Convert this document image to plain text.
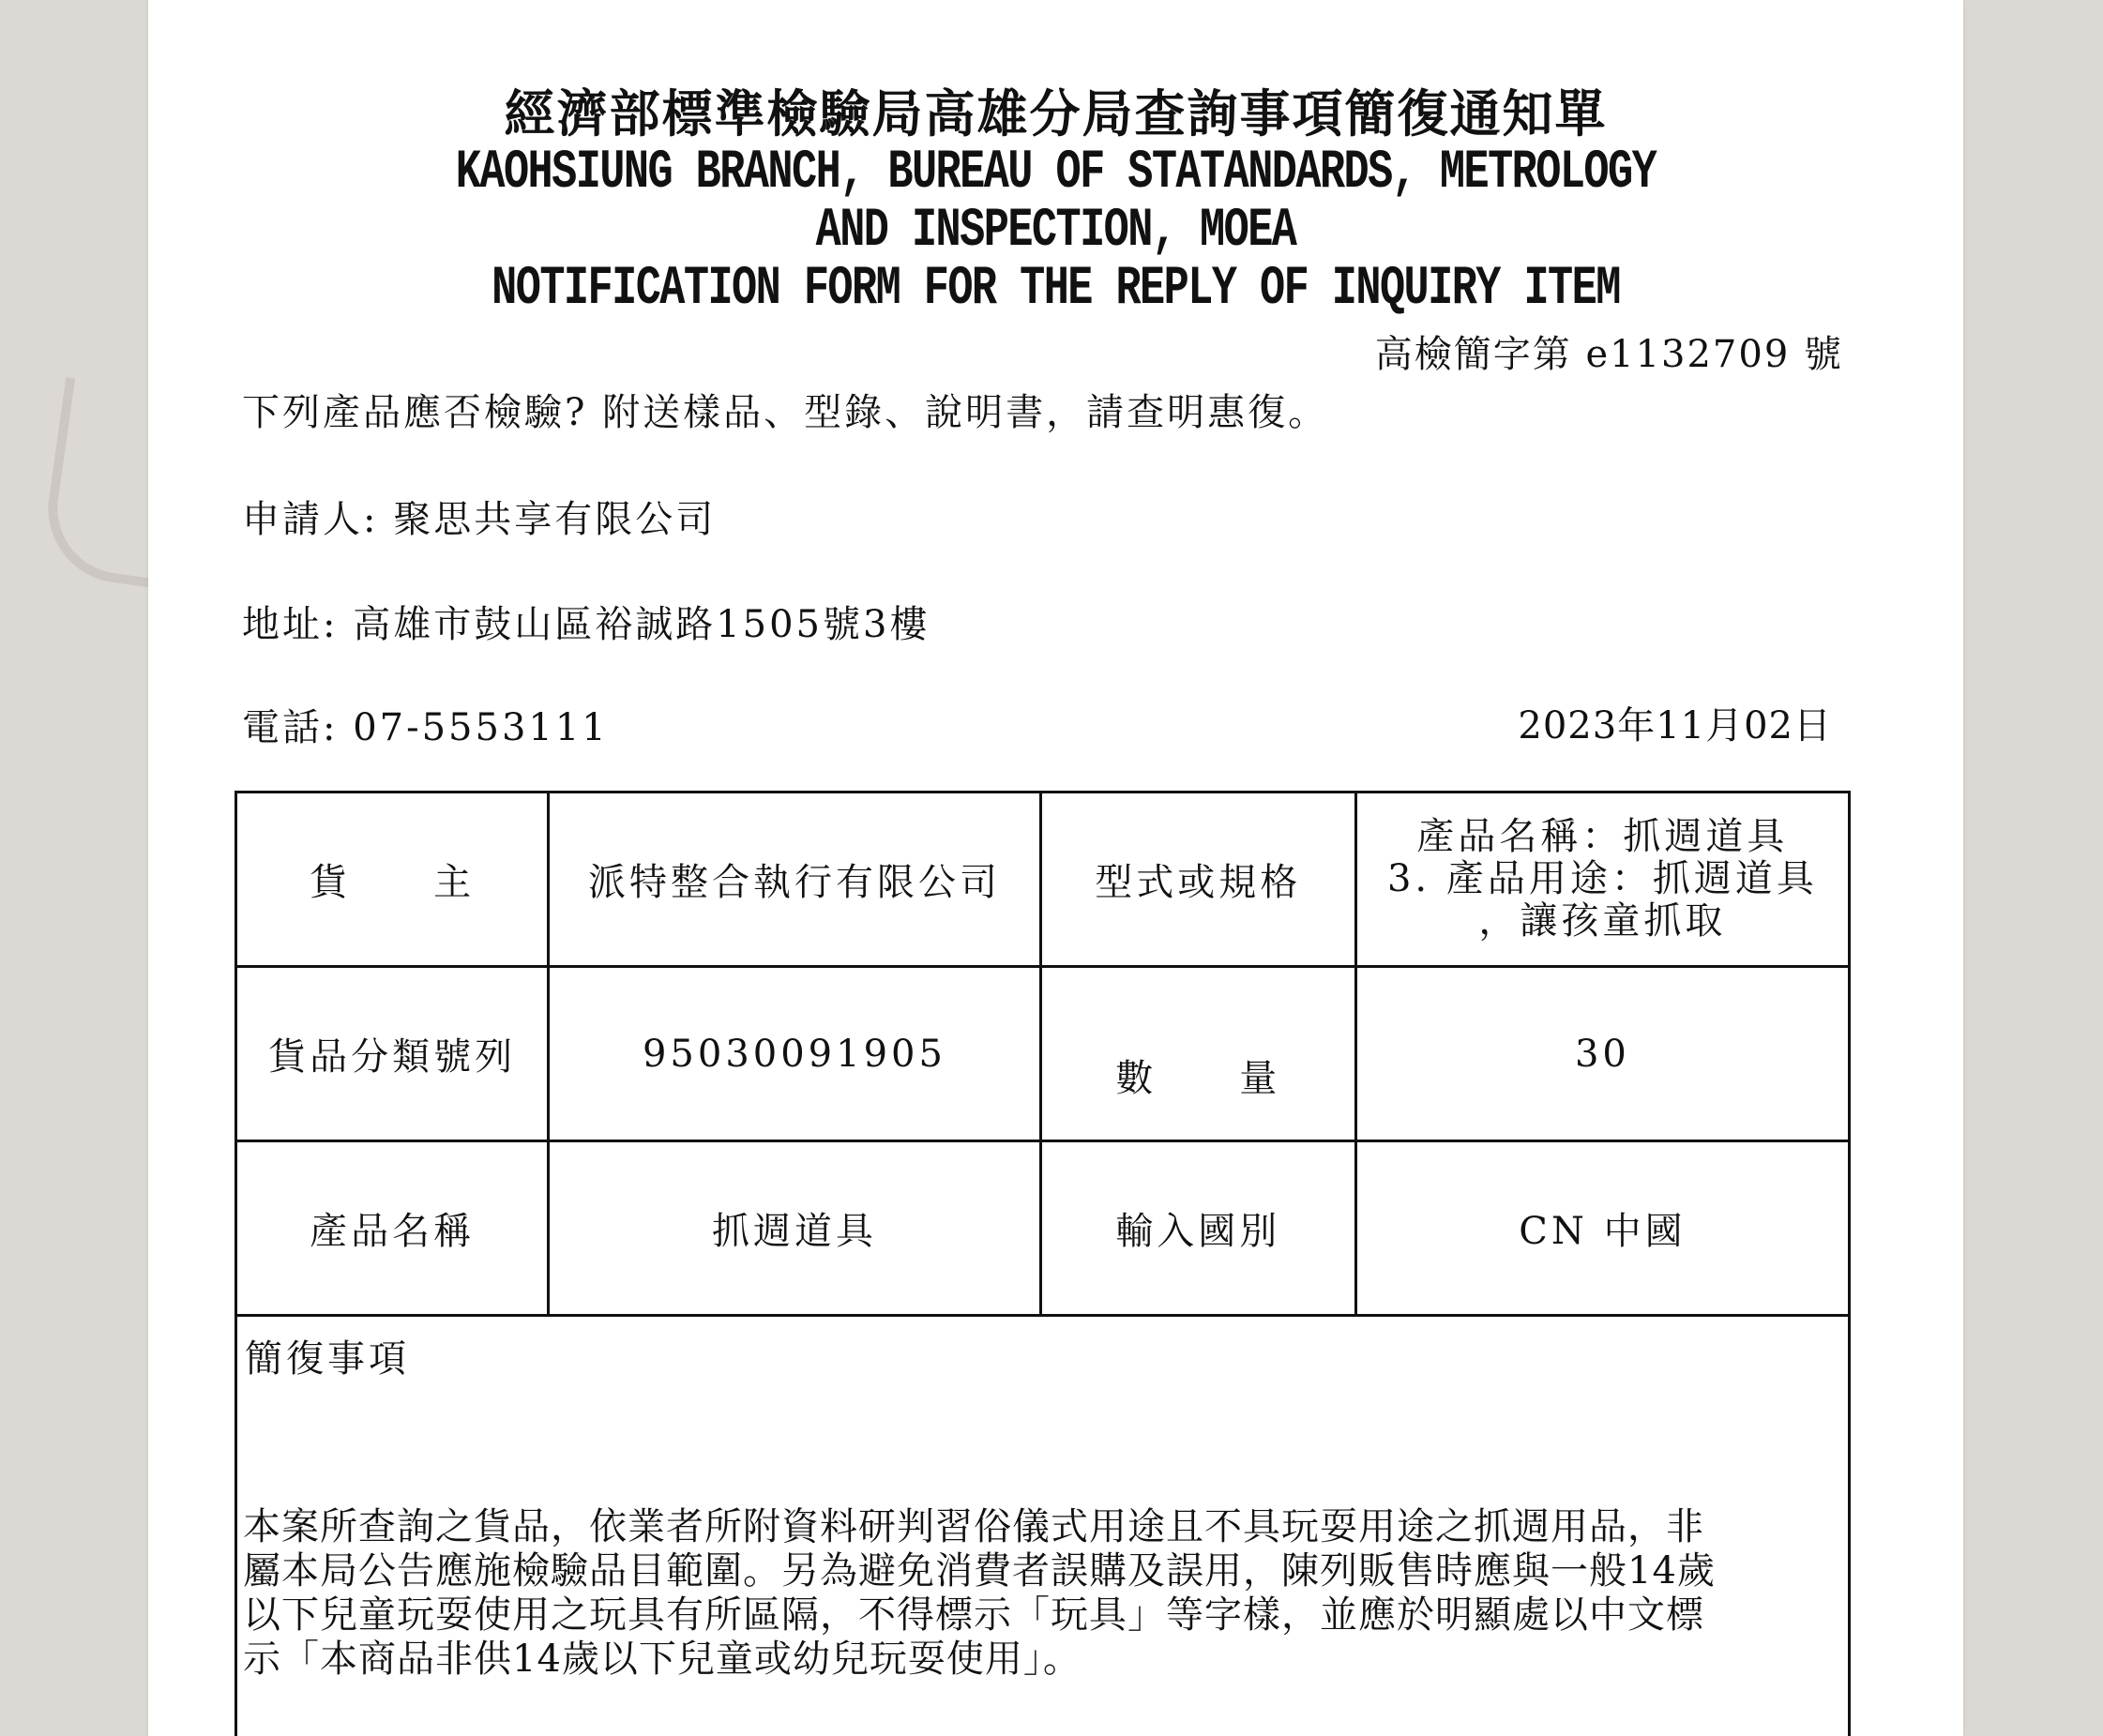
經濟部標準檢驗局高雄分局查詢事項簡復通知單
KAOHSIUNG BRANCH, BUREAU OF STATANDARDS, METROLOGY
AND INSPECTION, MOEA
NOTIFICATION FORM FOR THE REPLY OF INQUIRY ITEM
高檢簡字第 e1132709 號
下列產品應否檢驗? 附送樣品、型錄、說明書，請查明惠復。
申請人: 聚思共享有限公司
地址: 高雄市鼓山區裕誠路1505號3樓
電話: 07-5553111	2023年11月02日
貨　　主	派特整合執行有限公司	型式或規格	產品名稱：抓週道具
3. 產品用途：抓週道具
，讓孩童抓取

貨品分類號列	95030091905	數　　量	30
產品名稱	抓週道具	輸入國別	CN 中國
簡復事項
本案所查詢之貨品，依業者所附資料研判習俗儀式用途且不具玩耍用途之抓週用品，非
屬本局公告應施檢驗品目範圍。另為避免消費者誤購及誤用，陳列販售時應與一般14歲
以下兒童玩耍使用之玩具有所區隔，不得標示「玩具」等字樣，並應於明顯處以中文標
示「本商品非供14歲以下兒童或幼兒玩耍使用」。
